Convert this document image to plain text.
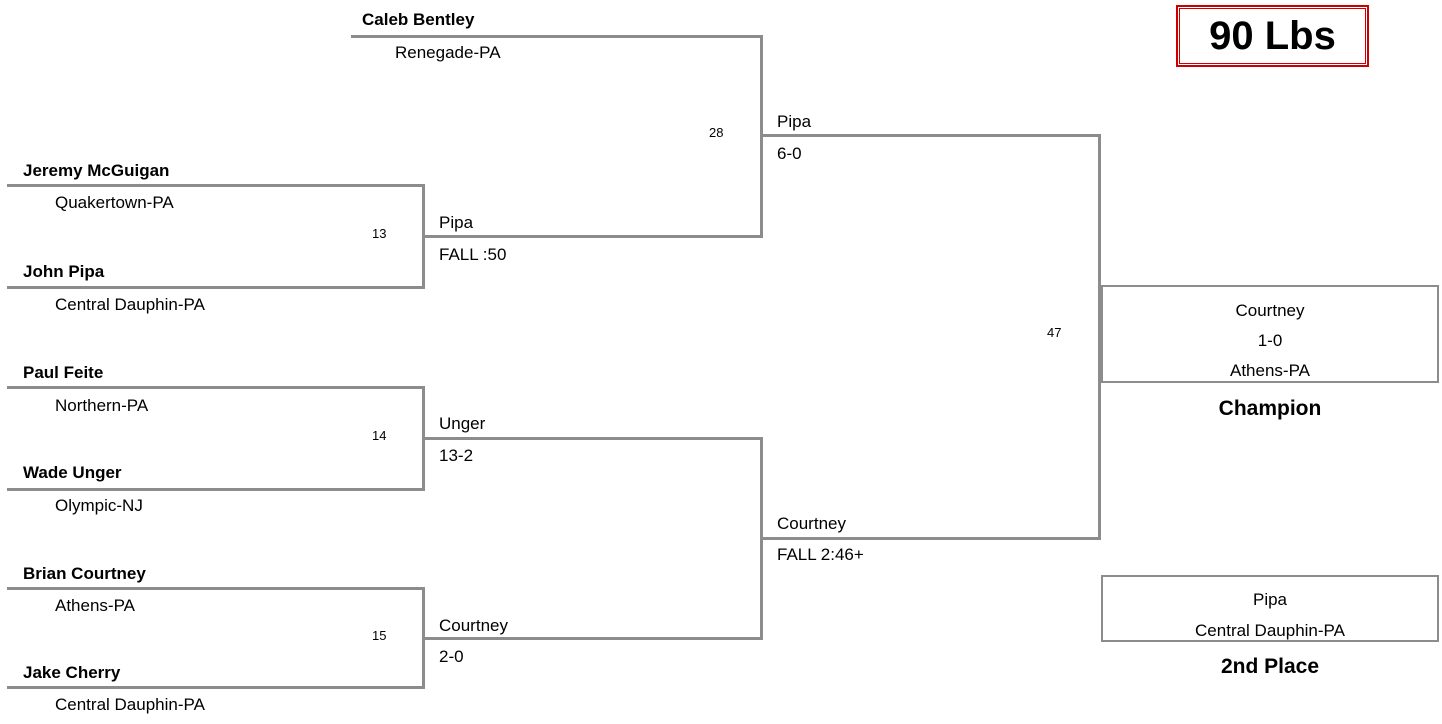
90 Lbs
Caleb Bentley
Renegade-PA
Jeremy McGuigan
Quakertown-PA
John Pipa
Central Dauphin-PA
Paul Feite
Northern-PA
Wade Unger
Olympic-NJ
Brian Courtney
Athens-PA
Jake Cherry
Central Dauphin-PA
13
14
15
Pipa
FALL :50
Unger
13-2
Courtney
2-0
28
Pipa
6-0
Courtney
FALL 2:46+
47
Courtney
1-0
Athens-PA
Champion
Pipa
Central Dauphin-PA
2nd Place
